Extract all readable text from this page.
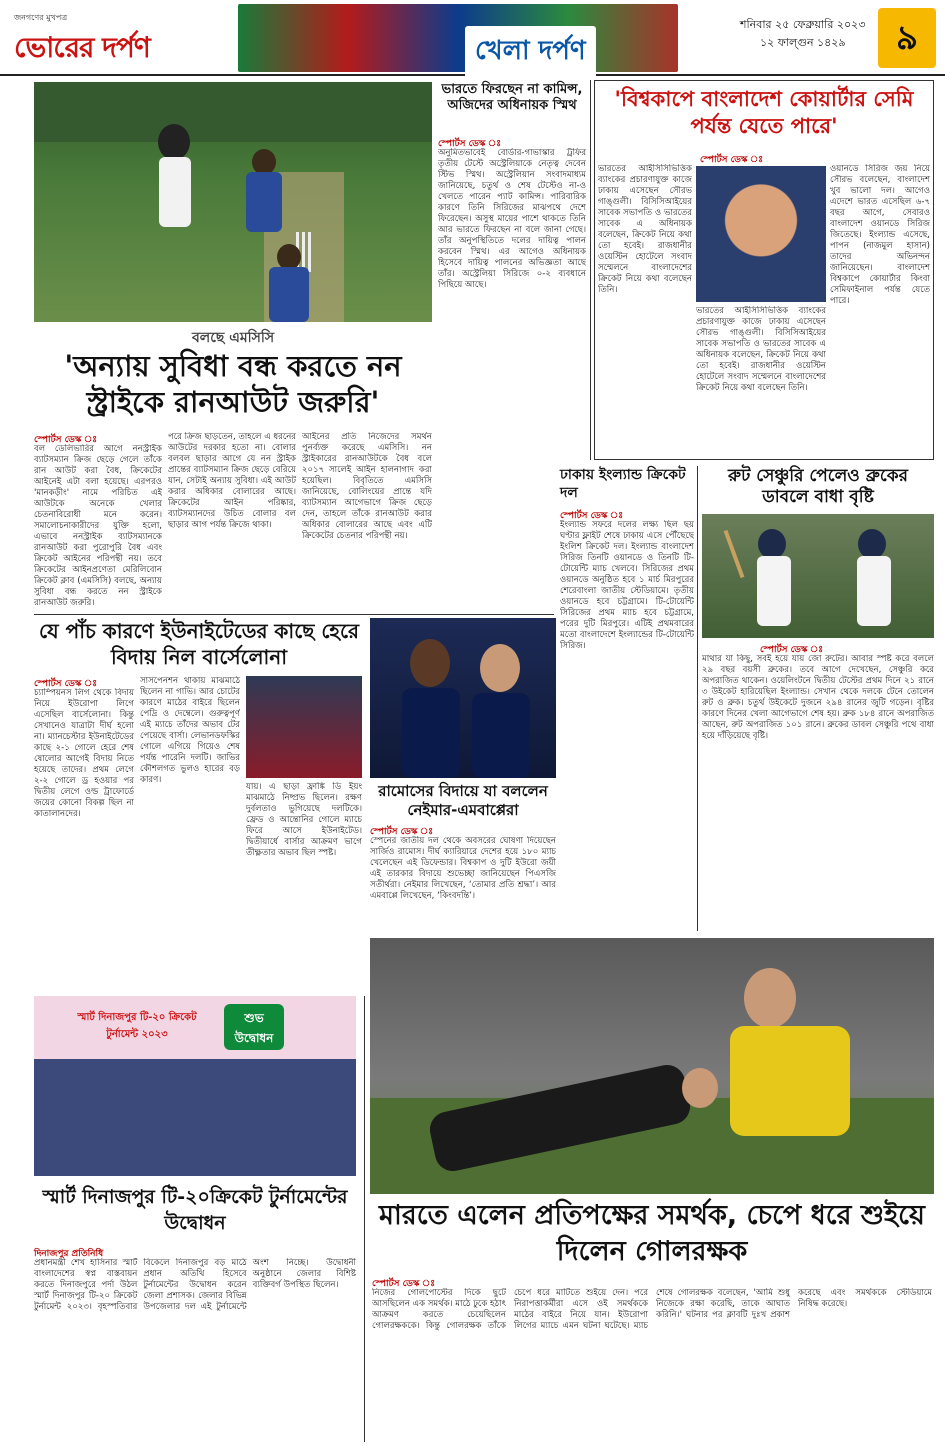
জনগণের মুখপত্র
ভোরের দর্পণ	খেলা দর্পণ
শনিবার ২৫ ফেব্রুয়ারি ২০২৩
১২ ফাল্গুন ১৪২৯	৯
বলছে এমসিসি
'অন্যায় সুবিধা বন্ধ করতে নন স্ট্রাইকে রানআউট জরুরি'
স্পোর্টস ডেস্ক ঃ
বল ডেলিভারির আগে ননস্ট্রাইক ব্যাটসম্যান ক্রিজ ছেড়ে গেলে তাঁকে রান আউট করা বৈধ, ক্রিকেটের আইনেই এটা বলা হয়েছে। এরপরও 'মানকড়ীং' নামে পরিচিত এই আউটকে অনেকে খেলার চেতনাবিরোধী মনে করেন। সমালোচনাকারীদের যুক্তি হলো, এভাবে ননস্ট্রাইক ব্যাটসম্যানকে রানআউট করা পুরোপুরি বৈধ এবং ক্রিকেট আইনের পরিপন্থী নয়। তবে ক্রিকেটের আইনপ্রণেতা মেরিলিবোন ক্রিকেট ক্লাব (এমসিসি) বলছে, অন্যায় সুবিধা বন্ধ করতে নন স্ট্রাইকে রানআউট জরুরি।
পরে ক্রিজ ছাড়তেন, তাহলে এ ধরনের আউটের দরকার হতো না। বোলার বলবল ছাড়ার আগে যে নন স্ট্রাইক প্রান্তের ব্যাটসম্যান ক্রিজ ছেড়ে বেরিয়ে যান, সেটাই অন্যায় সুবিধা। এই আউট করার অধিকার বোলারের আছে। ক্রিকেটের আইন পরিষ্কার, ব্যাটসম্যানদের উচিত বোলার বল ছাড়ার আগ পর্যন্ত ক্রিজে থাকা।
আইনের প্রতি নিজেদের সমর্থন পুনর্ব্যক্ত করেছে এমসিসি। নন স্ট্রাইকারের রানআউটকে বৈধ বলে ২০১৭ সালেই আইন হালনাগাদ করা হয়েছিল। বিবৃতিতে এমসিসি জানিয়েছে, বোলিংয়ের প্রান্তে যদি ব্যাটসম্যান আগেভাগে ক্রিজ ছেড়ে দেন, তাহলে তাঁকে রানআউট করার অধিকার বোলারের আছে এবং এটি ক্রিকেটের চেতনার পরিপন্থী নয়।
ভারতে ফিরছেন না কামিন্স, অজিদের অধিনায়ক স্মিথ
স্পোর্টস ডেস্ক ঃ
অনুমিতভাবেই বোর্ডার-গাভাস্কার ট্রফির তৃতীয় টেস্টে অস্ট্রেলিয়াকে নেতৃত্ব দেবেন স্টিভ স্মিথ। অস্ট্রেলিয়ান সংবাদমাধ্যম জানিয়েছে, চতুর্থ ও শেষ টেস্টেও না-ও খেলতে পারেন প্যাট কামিন্স। পারিবারিক কারণে তিনি সিরিজের মাঝপথে দেশে ফিরেছেন। অসুস্থ মায়ের পাশে থাকতে তিনি আর ভারতে ফিরছেন না বলে জানা গেছে। তাঁর অনুপস্থিতিতে দলের দায়িত্ব পালন করবেন স্মিথ। এর আগেও অধিনায়ক হিসেবে দায়িত্ব পালনের অভিজ্ঞতা আছে তাঁর। অস্ট্রেলিয়া সিরিজে ০-২ ব্যবধানে পিছিয়ে আছে।
'বিশ্বকাপে বাংলাদেশ কোয়ার্টার সেমি পর্যন্ত যেতে পারে'
স্পোর্টস ডেস্ক ঃ
ভারতের আইসিসিভিত্তিক ব্যাংকের প্রচারণাযুক্ত কাজে ঢাকায় এসেছেন সৌরভ গাঙ্গুলী। বিসিসিআইয়ের সাবেক সভাপতি ও ভারতের সাবেক এ অধিনায়ক বলেছেন, ক্রিকেট নিয়ে কথা তো হবেই। রাজধানীর ওয়েস্টিন হোটেলে সংবাদ সম্মেলনে বাংলাদেশের ক্রিকেট নিয়ে কথা বলেছেন তিনি।
ওয়ানডে সিরিজ জয় নিয়ে সৌরভ বলেছেন, বাংলাদেশ খুব ভালো দল। আগেও এদেশে ভারত এসেছিল ৬-৭ বছর আগে, সেবারও বাংলাদেশ ওয়ানডে সিরিজ জিতেছে। ইংল্যান্ড এসেছে, পাপন (নাজমুল হাসান) তাদের অভিনন্দন জানিয়েছেন। বাংলাদেশ বিশ্বকাপে কোয়ার্টার কিংবা সেমিফাইনাল পর্যন্ত যেতে পারে।
ভারতের আইসিসিভিত্তিক ব্যাংকের প্রচারণাযুক্ত কাজে ঢাকায় এসেছেন সৌরভ গাঙ্গুলী। বিসিসিআইয়ের সাবেক সভাপতি ও ভারতের সাবেক এ অধিনায়ক বলেছেন, ক্রিকেট নিয়ে কথা তো হবেই। রাজধানীর ওয়েস্টিন হোটেলে সংবাদ সম্মেলনে বাংলাদেশের ক্রিকেট নিয়ে কথা বলেছেন তিনি।
ঢাকায় ইংল্যান্ড ক্রিকেট দল
স্পোর্টস ডেস্ক ঃ
ইংল্যান্ড সফরে দলের লক্ষ্য ছিল ছয় ঘণ্টার ফ্লাইট শেষে ঢাকায় এসে পৌঁছেছে ইংলিশ ক্রিকেট দল। ইংল্যান্ড বাংলাদেশ সিরিজ তিনটি ওয়ানডে ও তিনটি টি-টোয়েন্টি ম্যাচ খেলবে। সিরিজের প্রথম ওয়ানডে অনুষ্ঠিত হবে ১ মার্চ মিরপুরের শেরেবাংলা জাতীয় স্টেডিয়ামে। তৃতীয় ওয়ানডে হবে চট্টগ্রামে। টি-টোয়েন্টি সিরিজের প্রথম ম্যাচ হবে চট্টগ্রামে, পরের দুটি মিরপুরে। এটিই প্রথমবারের মতো বাংলাদেশে ইংল্যান্ডের টি-টোয়েন্টি সিরিজ।
রুট সেঞ্চুরি পেলেও ব্রুকের ডাবলে বাধা বৃষ্টি
স্পোর্টস ডেস্ক ঃ
মাথার যা কিছু, সবই হয়ে যায় জো রুটের। আবার স্পষ্ট করে বললে ২৯ বছর বয়সী ব্রুকের। তবে আগে দেখেছেন, সেঞ্চুরি করে অপরাজিত থাকেন। ওয়েলিংটনে দ্বিতীয় টেস্টের প্রথম দিনে ২১ রানে ৩ উইকেট হারিয়েছিল ইংল্যান্ড। সেখান থেকে দলকে টেনে তোলেন রুট ও ব্রুক। চতুর্থ উইকেটে দুজনে ২৯৪ রানের জুটি গড়েন। বৃষ্টির কারণে দিনের খেলা আগেভাগে শেষ হয়। ব্রুক ১৮৪ রানে অপরাজিত আছেন, রুট অপরাজিত ১০১ রানে। ব্রুকের ডাবল সেঞ্চুরি পথে বাধা হয়ে দাঁড়িয়েছে বৃষ্টি।
যে পাঁচ কারণে ইউনাইটেডের কাছে হেরে বিদায় নিল বার্সেলোনা
স্পোর্টস ডেস্ক ঃ
চ্যাম্পিয়নস লিগ থেকে বিদায় নিয়ে ইউরোপা লিগে এসেছিল বার্সেলোনা। কিন্তু সেখানেও যাত্রাটা দীর্ঘ হলো না। ম্যানচেস্টার ইউনাইটেডের কাছে ২-১ গোলে হেরে শেষ ষোলোর আগেই বিদায় নিতে হয়েছে তাদের। প্রথম লেগে ২-২ গোলে ড্র হওয়ার পর দ্বিতীয় লেগে ওল্ড ট্রাফোর্ডে জয়ের কোনো বিকল্প ছিল না কাতালানদের।
সাসপেনশন থাকায় মাঝমাঠে ছিলেন না গাভি। আর চোটের কারণে মাঠের বাইরে ছিলেন পেদ্রি ও দেম্বেলে। গুরুত্বপূর্ণ এই ম্যাচে তাঁদের অভাব টের পেয়েছে বার্সা। লেভানডফস্কির গোলে এগিয়ে গিয়েও শেষ পর্যন্ত পারেনি দলটি। জাভির কৌশলগত ভুলও হারের বড় কারণ।
যায়। এ ছাড়া ফ্রাঙ্কি ডি ইয়ং মাঝমাঠে নিষ্প্রভ ছিলেন। রক্ষণ দুর্বলতাও ভুগিয়েছে দলটিকে। ফ্রেড ও আন্তোনির গোলে ম্যাচে ফিরে আসে ইউনাইটেড। দ্বিতীয়ার্ধে বার্সার আক্রমণ ভাগে তীক্ষ্ণতার অভাব ছিল স্পষ্ট।
রামোসের বিদায়ে যা বললেন নেইমার-এমবাপ্পেরা
স্পোর্টস ডেস্ক ঃ
স্পেনের জাতীয় দল থেকে অবসরের ঘোষণা দিয়েছেন সার্জিও রামোস। দীর্ঘ ক্যারিয়ারে দেশের হয়ে ১৮০ ম্যাচ খেলেছেন এই ডিফেন্ডার। বিশ্বকাপ ও দুটি ইউরো জয়ী এই তারকার বিদায়ে শুভেচ্ছা জানিয়েছেন পিএসজি সতীর্থরা। নেইমার লিখেছেন, ‘তোমার প্রতি শ্রদ্ধা’। আর এমবাপ্পে লিখেছেন, ‘কিংবদন্তি’।
স্মার্ট দিনাজপুর টি-২০ ক্রিকেট টুর্নামেন্ট ২০২৩
শুভ উদ্বোধন
স্মার্ট দিনাজপুর টি-২০ক্রিকেট টুর্নামেন্টের উদ্বোধন
দিনাজপুর প্রতিনিধি
প্রধানমন্ত্রী শেখ হাসিনার স্মার্ট বাংলাদেশের স্বপ্ন বাস্তবায়ন করতে দিনাজপুরে পর্দা উঠল স্মার্ট দিনাজপুর টি-২০ ক্রিকেট টুর্নামেন্ট ২০২৩। বৃহস্পতিবার বিকেলে দিনাজপুর বড় মাঠে প্রধান অতিথি হিসেবে টুর্নামেন্টের উদ্বোধন করেন জেলা প্রশাসক। জেলার বিভিন্ন উপজেলার দল এই টুর্নামেন্টে অংশ নিচ্ছে। উদ্বোধনী অনুষ্ঠানে জেলার বিশিষ্ট ব্যক্তিবর্গ উপস্থিত ছিলেন।
মারতে এলেন প্রতিপক্ষের সমর্থক, চেপে ধরে শুইয়ে দিলেন গোলরক্ষক
স্পোর্টস ডেস্ক ঃ
নিজের গোলপোস্টের দিকে ছুটে আসছিলেন এক সমর্থক। মাঠে ঢুকে হঠাৎ আক্রমণ করতে চেয়েছিলেন গোলরক্ষককে। কিন্তু গোলরক্ষক তাঁকে চেপে ধরে মাটিতে শুইয়ে দেন। পরে নিরাপত্তাকর্মীরা এসে ওই সমর্থককে মাঠের বাইরে নিয়ে যান। ইউরোপা লিগের ম্যাচে এমন ঘটনা ঘটেছে। ম্যাচ শেষে গোলরক্ষক বলেছেন, 'আমি শুধু নিজেকে রক্ষা করেছি, তাকে আঘাত করিনি।' ঘটনার পর ক্লাবটি দুঃখ প্রকাশ করেছে এবং সমর্থককে স্টেডিয়ামে নিষিদ্ধ করেছে।
